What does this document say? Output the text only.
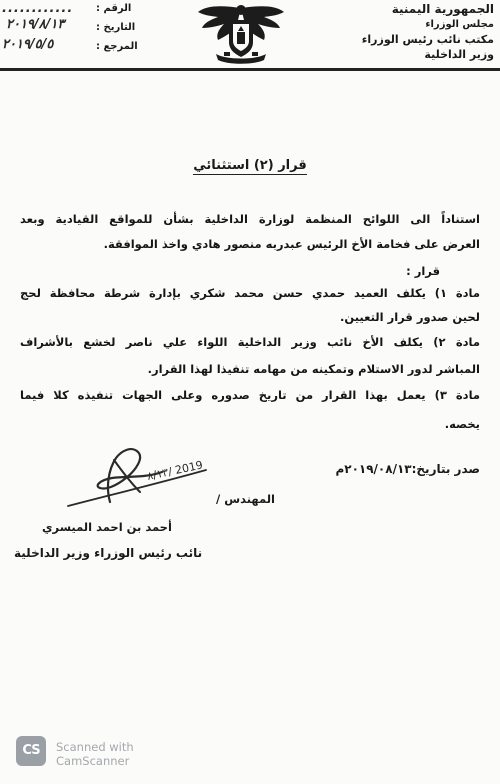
الرقم :
............
التاريخ :
٢٠١٩/٨/١٣
المرجع :
٢٠١٩/٥/٥
الجمهورية اليمنية
مجلس الوزراء
مكتب نائب رئيس الوزراء
وزير الداخلية
قرار (٢) استثنائي
استناداً الى اللوائح المنظمة لوزارة الداخلية بشأن للمواقع القيادية وبعد
العرض على فخامة الأخ الرئيس عبدربه منصور هادي واخذ الموافقة.
قرار :
مادة ١) يكلف العميد حمدي حسن محمد شكري بإدارة شرطة محافظة لحج
لحين صدور قرار التعيين.
مادة ٢) يكلف الأخ نائب وزير الداخلية اللواء علي ناصر لخشع بالأشراف
المباشر لدور الاستلام وتمكينه من مهامه تنفيذا لهذا القرار.
مادة ٣) يعمل بهذا القرار من تاريخ صدوره وعلى الجهات تنفيذه كلا فيما
يخصه.
صدر بتاريخ:٢٠١٩/٠٨/١٣م
٨/١٣/ 2019
المهندس /
أحمد بن احمد الميسري
نائب رئيس الوزراء وزير الداخلية
CS	Scanned with
CamScanner
